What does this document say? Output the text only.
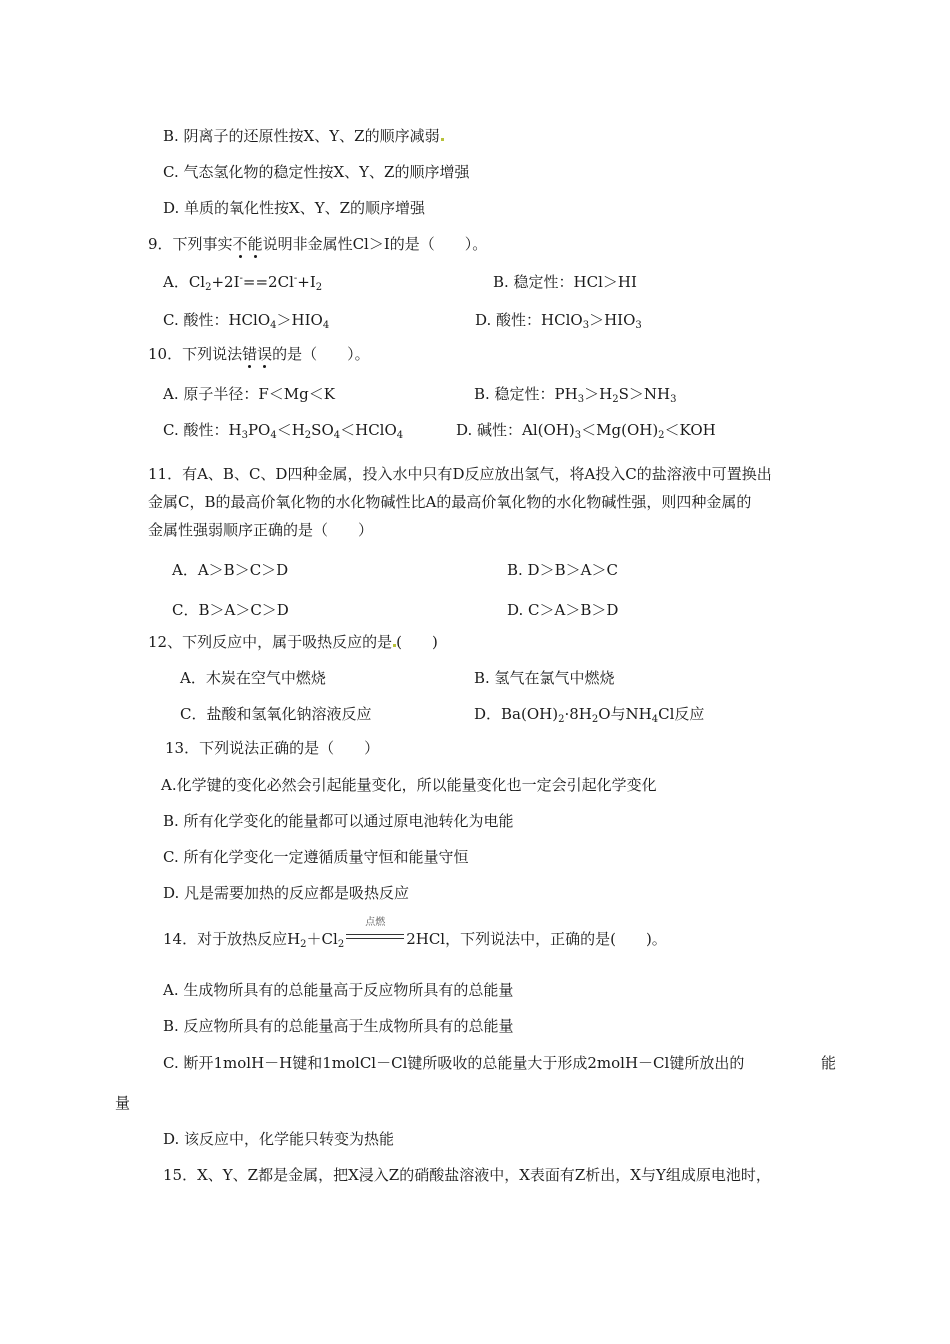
B. 阴离子的还原性按X、Y、Z的顺序减弱
C. 气态氢化物的稳定性按X、Y、Z的顺序增强
D. 单质的氧化性按X、Y、Z的顺序增强
9．下列事实不能说明非金属性Cl＞I的是（　　）。
A．$Cl_2+2I^-==2Cl^-+I_2$	B. 稳定性：HCl＞HI
C. 酸性：$HClO_4>HIO_4$	D. 酸性：$HClO_3>HIO_3$
10．下列说法错误的是（　　）。
A. 原子半径：F＜Mg＜K	B. 稳定性：$PH_3>H_2S>NH_3$
C. 酸性：$H_3PO_4<H_2SO_4<HClO_4$	D. 碱性：$Al(OH)_3<Mg(OH)_2<KOH$
11．有A、B、C、D四种金属，投入水中只有D反应放出氢气，将A投入C的盐溶液中可置换出
金属C，B的最高价氧化物的水化物碱性比A的最高价氧化物的水化物碱性强，则四种金属的
金属性强弱顺序正确的是（　　）
A．A＞B＞C＞D	B. D＞B＞A＞C
C．B＞A＞C＞D	D. C＞A＞B＞D
12、下列反应中，属于吸热反应的是 (　　)
A．木炭在空气中燃烧	B. 氢气在氯气中燃烧
C．盐酸和氢氧化钠溶液反应	D．$Ba(OH)_2\cdot 8H_2O$与$NH_4Cl$反应
13．下列说法正确的是（　　）
A.化学键的变化必然会引起能量变化，所以能量变化也一定会引起化学变化
B. 所有化学变化的能量都可以通过原电池转化为电能
C. 所有化学变化一定遵循质量守恒和能量守恒
D. 凡是需要加热的反应都是吸热反应
14．对于放热反应$H_2+Cl_2$
点燃
2HCl，下列说法中，正确的是(　　)。
A. 生成物所具有的总能量高于反应物所具有的总能量
B. 反应物所具有的总能量高于生成物所具有的总能量
C. 断开1molH－H键和1molCl－Cl键所吸收的总能量大于形成2molH－Cl键所放出的	能
量
D. 该反应中，化学能只转变为热能
15．X、Y、Z都是金属，把X浸入Z的硝酸盐溶液中，X表面有Z析出，X与Y组成原电池时，
